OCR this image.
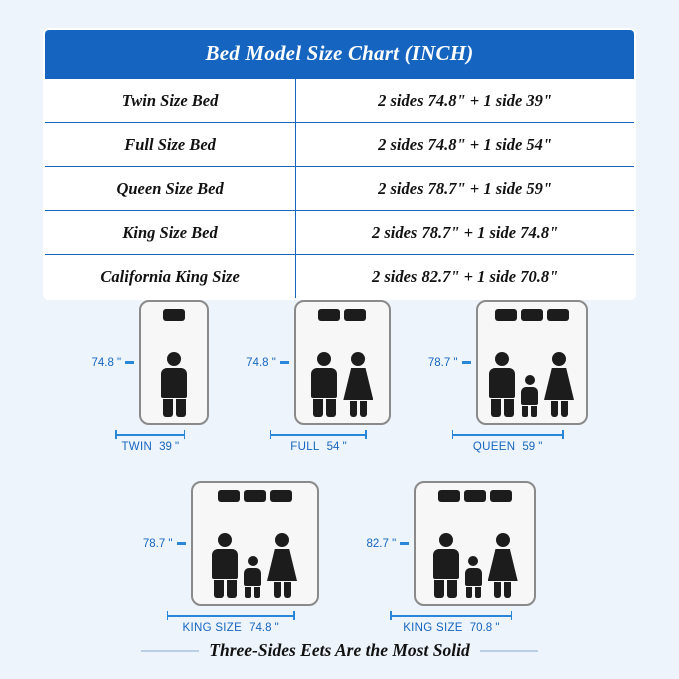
Bed Model Size Chart (INCH)
Twin Size Bed	2 sides 74.8" + 1 side 39"
Full Size Bed	2 sides 74.8" + 1 side 54"
Queen Size Bed	2 sides 78.7" + 1 side 59"
King Size Bed	2 sides 78.7" + 1 side 74.8"
California King Size	2 sides 82.7" + 1 side 70.8"
74.8 "
TWIN 39 "
74.8 "
FULL 54 "
78.7 "
QUEEN 59 "
78.7 "
KING SIZE 74.8 "
82.7 "
KING SIZE 70.8 "
Three-Sides Eets Are the Most Solid
